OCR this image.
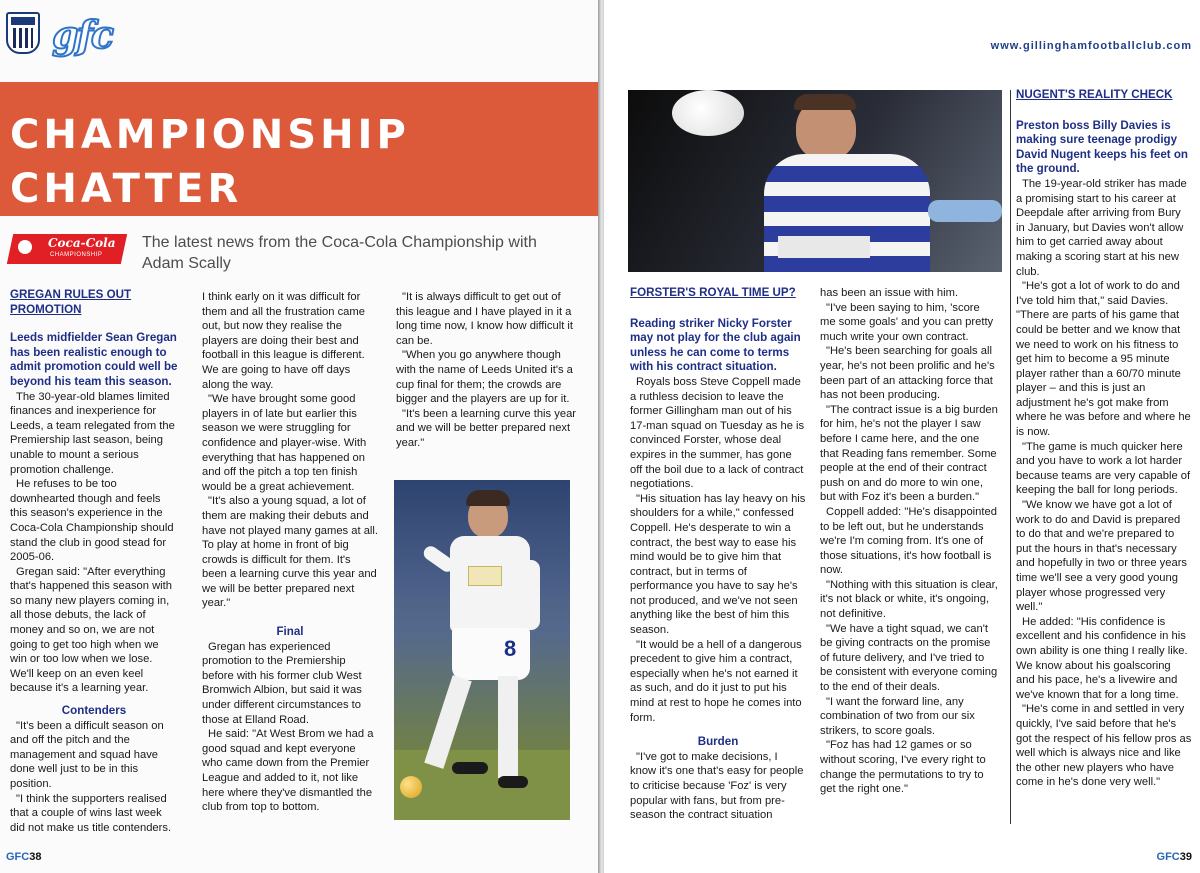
gfc
CHAMPIONSHIP
CHATTER
Coca-Cola
CHAMPIONSHIP
The latest news from the Coca-Cola Championship with Adam Scally
GREGAN RULES OUT PROMOTION
Leeds midfielder Sean Gregan has been realistic enough to admit promotion could well be beyond his team this season.

The 30-year-old blames limited finances and inexperience for Leeds, a team relegated from the Premiership last season, being unable to mount a serious promotion challenge.

He refuses to be too downhearted though and feels this season's experience in the Coca-Cola Championship should stand the club in good stead for 2005-06.

Gregan said: "After everything that's happened this season with so many new players coming in, all those debuts, the lack of money and so on, we are not going to get too high when we win or too low when we lose. We'll keep on an even keel because it's a learning year.

Contenders

"It's been a difficult season on and off the pitch and the management and squad have done well just to be in this position.

"I think the supporters realised that a couple of wins last week did not make us title contenders.

I think early on it was difficult for them and all the frustration came out, but now they realise the players are doing their best and football in this league is different. We are going to have off days along the way.

"We have brought some good players in of late but earlier this season we were struggling for confidence and player-wise. With everything that has happened on and off the pitch a top ten finish would be a great achievement.

"It's also a young squad, a lot of them are making their debuts and have not played many games at all. To play at home in front of big crowds is difficult for them. It's been a learning curve this year and we will be better prepared next year."

Final

Gregan has experienced promotion to the Premiership before with his former club West Bromwich Albion, but said it was under different circumstances to those at Elland Road.

He said: "At West Brom we had a good squad and kept everyone who came down from the Premier League and added to it, not like here where they've dismantled the club from top to bottom.

"It is always difficult to get out of this league and I have played in it a long time now, I know how difficult it can be.

"When you go anywhere though with the name of Leeds United it's a cup final for them; the crowds are bigger and the players are up for it.

"It's been a learning curve this year and we will be better prepared next year."

8
GFC38
www.gillinghamfootballclub.com
FORSTER'S ROYAL TIME UP?
Reading striker Nicky Forster may not play for the club again unless he can come to terms with his contract situation.

Royals boss Steve Coppell made a ruthless decision to leave the former Gillingham man out of his 17-man squad on Tuesday as he is convinced Forster, whose deal expires in the summer, has gone off the boil due to a lack of contract negotiations.

"His situation has lay heavy on his shoulders for a while," confessed Coppell. He's desperate to win a contract, the best way to ease his mind would be to give him that contract, but in terms of performance you have to say he's not produced, and we've not seen anything like the best of him this season.

"It would be a hell of a dangerous precedent to give him a contract, especially when he's not earned it as such, and do it just to put his mind at rest to hope he comes into form.

Burden

"I've got to make decisions, I know it's one that's easy for people to criticise because 'Foz' is very popular with fans, but from pre-season the contract situation

has been an issue with him.

"I've been saying to him, 'score me some goals' and you can pretty much write your own contract.

"He's been searching for goals all year, he's not been prolific and he's been part of an attacking force that has not been producing.

"The contract issue is a big burden for him, he's not the player I saw before I came here, and the one that Reading fans remember. Some people at the end of their contract push on and do more to win one, but with Foz it's been a burden."

Coppell added: "He's disappointed to be left out, but he understands we're I'm coming from. It's one of those situations, it's how football is now.

"Nothing with this situation is clear, it's not black or white, it's ongoing, not definitive.

"We have a tight squad, we can't be giving contracts on the promise of future delivery, and I've tried to be consistent with everyone coming to the end of their deals.

"I want the forward line, any combination of two from our six strikers, to score goals.

"Foz has had 12 games or so without scoring, I've every right to change the permutations to try to get the right one."

NUGENT'S REALITY CHECK
Preston boss Billy Davies is making sure teenage prodigy David Nugent keeps his feet on the ground.

The 19-year-old striker has made a promising start to his career at Deepdale after arriving from Bury in January, but Davies won't allow him to get carried away about making a scoring start at his new club.

"He's got a lot of work to do and I've told him that," said Davies. "There are parts of his game that could be better and we know that we need to work on his fitness to get him to become a 95 minute player rather than a 60/70 minute player – and this is just an adjustment he's got make from where he was before and where he is now.

"The game is much quicker here and you have to work a lot harder because teams are very capable of keeping the ball for long periods.

"We know we have got a lot of work to do and David is prepared to do that and we're prepared to put the hours in that's necessary and hopefully in two or three years time we'll see a very good young player whose progressed very well."

He added: "His confidence is excellent and his confidence in his own ability is one thing I really like. We know about his goalscoring and his pace, he's a livewire and we've known that for a long time.

"He's come in and settled in very quickly, I've said before that he's got the respect of his fellow pros as well which is always nice and like the other new players who have come in he's done very well."

GFC39
